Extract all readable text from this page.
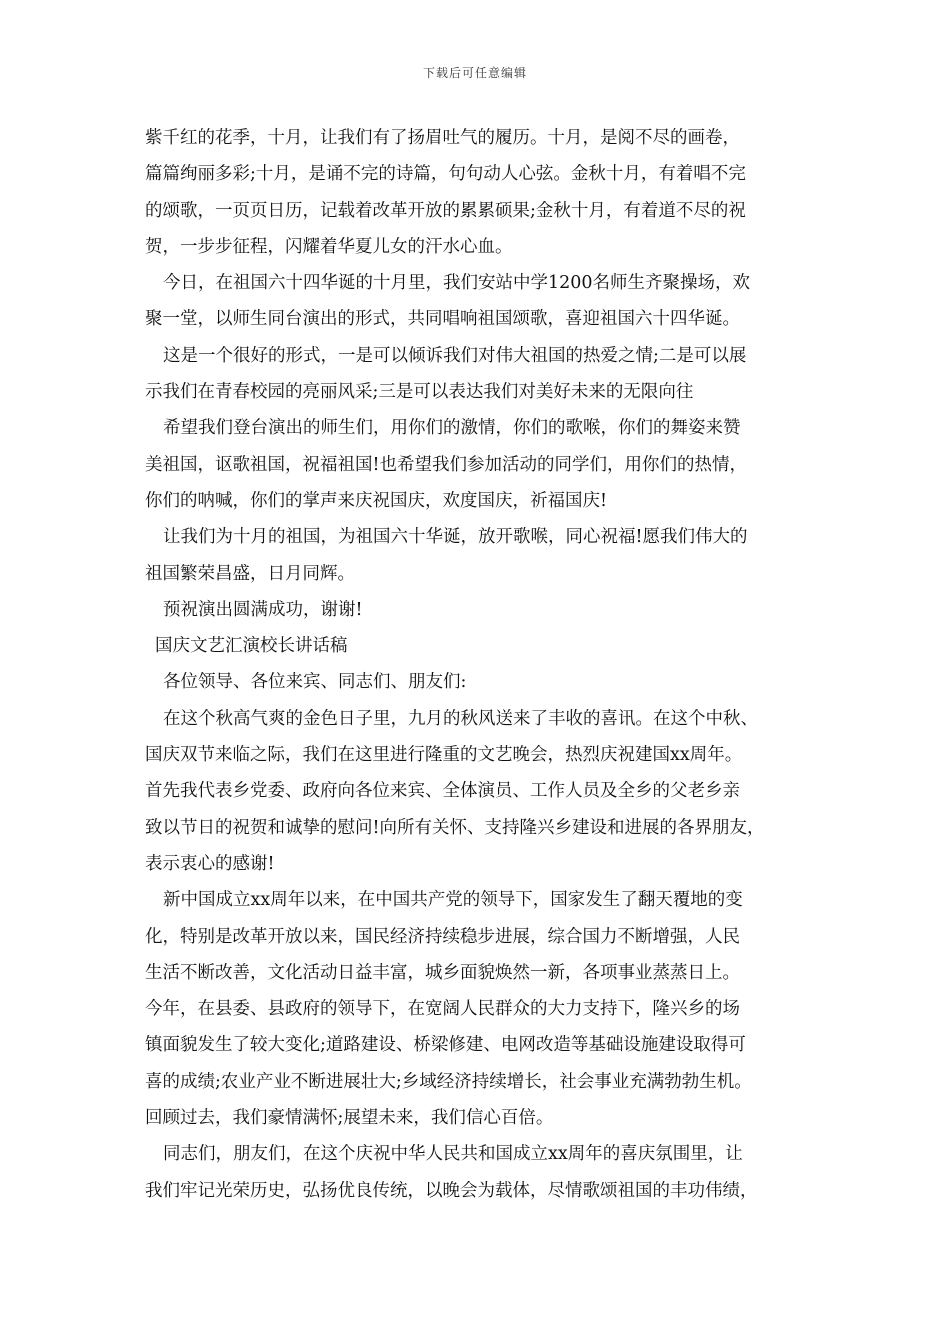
下载后可任意编辑
紫千红的花季，十月，让我们有了扬眉吐气的履历。十月，是阅不尽的画卷，
篇篇绚丽多彩;十月，是诵不完的诗篇，句句动人心弦。金秋十月，有着唱不完
的颂歌，一页页日历，记载着改革开放的累累硕果;金秋十月，有着道不尽的祝
贺，一步步征程，闪耀着华夏儿女的汗水心血。
今日，在祖国六十四华诞的十月里，我们安站中学1200名师生齐聚操场，欢
聚一堂，以师生同台演出的形式，共同唱响祖国颂歌，喜迎祖国六十四华诞。
这是一个很好的形式，一是可以倾诉我们对伟大祖国的热爱之情;二是可以展
示我们在青春校园的亮丽风采;三是可以表达我们对美好未来的无限向往
希望我们登台演出的师生们，用你们的激情，你们的歌喉，你们的舞姿来赞
美祖国，讴歌祖国，祝福祖国!也希望我们参加活动的同学们，用你们的热情，
你们的呐喊，你们的掌声来庆祝国庆，欢度国庆，祈福国庆!
让我们为十月的祖国，为祖国六十华诞，放开歌喉，同心祝福!愿我们伟大的
祖国繁荣昌盛，日月同辉。
预祝演出圆满成功，谢谢!
国庆文艺汇演校长讲话稿
各位领导、各位来宾、同志们、朋友们:
在这个秋高气爽的金色日子里，九月的秋风送来了丰收的喜讯。在这个中秋、
国庆双节来临之际，我们在这里进行隆重的文艺晚会，热烈庆祝建国xx周年。
首先我代表乡党委、政府向各位来宾、全体演员、工作人员及全乡的父老乡亲
致以节日的祝贺和诚挚的慰问!向所有关怀、支持隆兴乡建设和进展的各界朋友，
表示衷心的感谢!
新中国成立xx周年以来，在中国共产党的领导下，国家发生了翻天覆地的变
化，特别是改革开放以来，国民经济持续稳步进展，综合国力不断增强，人民
生活不断改善，文化活动日益丰富，城乡面貌焕然一新，各项事业蒸蒸日上。
今年，在县委、县政府的领导下，在宽阔人民群众的大力支持下，隆兴乡的场
镇面貌发生了较大变化;道路建设、桥梁修建、电网改造等基础设施建设取得可
喜的成绩;农业产业不断进展壮大;乡域经济持续增长，社会事业充满勃勃生机。
回顾过去，我们豪情满怀;展望未来，我们信心百倍。
同志们，朋友们，在这个庆祝中华人民共和国成立xx周年的喜庆氛围里，让
我们牢记光荣历史，弘扬优良传统，以晚会为载体，尽情歌颂祖国的丰功伟绩，
